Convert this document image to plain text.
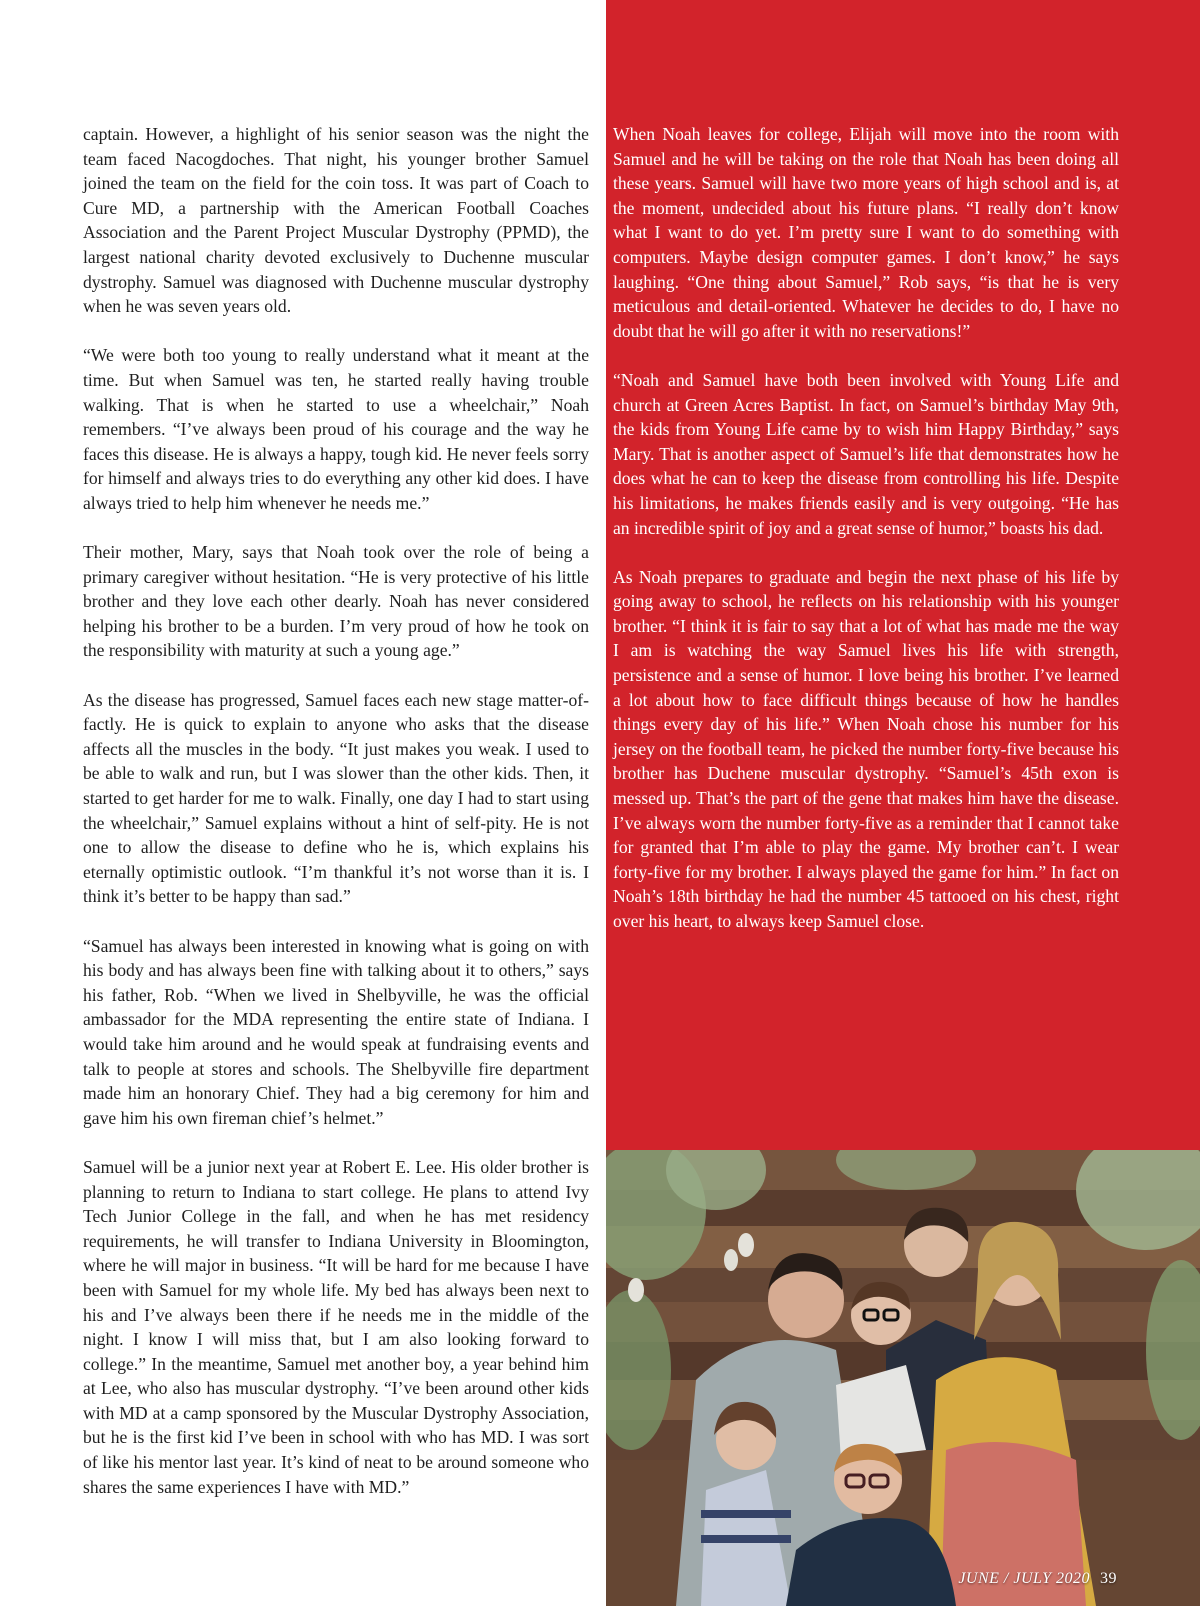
captain. However, a highlight of his senior season was the night the team faced Nacogdoches. That night, his younger brother Samuel joined the team on the field for the coin toss. It was part of Coach to Cure MD, a partnership with the American Football Coaches Association and the Parent Project Muscular Dystrophy (PPMD), the largest national charity devoted exclusively to Duchenne muscular dystrophy. Samuel was diagnosed with Duchenne muscular dystrophy when he was seven years old.

“We were both too young to really understand what it meant at the time. But when Samuel was ten, he started really having trouble walking. That is when he started to use a wheelchair,” Noah remembers. “I’ve always been proud of his courage and the way he faces this disease. He is always a happy, tough kid. He never feels sorry for himself and always tries to do everything any other kid does. I have always tried to help him whenever he needs me.”

Their mother, Mary, says that Noah took over the role of being a primary caregiver without hesitation. “He is very protective of his little brother and they love each other dearly. Noah has never considered helping his brother to be a burden. I’m very proud of how he took on the responsibility with maturity at such a young age.”

As the disease has progressed, Samuel faces each new stage matter-of-factly. He is quick to explain to anyone who asks that the disease affects all the muscles in the body. “It just makes you weak. I used to be able to walk and run, but I was slower than the other kids. Then, it started to get harder for me to walk. Finally, one day I had to start using the wheelchair,” Samuel explains without a hint of self-pity. He is not one to allow the disease to define who he is, which explains his eternally optimistic outlook. “I’m thankful it’s not worse than it is. I think it’s better to be happy than sad.”

“Samuel has always been interested in knowing what is going on with his body and has always been fine with talking about it to others,” says his father, Rob. “When we lived in Shelbyville, he was the official ambassador for the MDA representing the entire state of Indiana. I would take him around and he would speak at fundraising events and talk to people at stores and schools. The Shelbyville fire department made him an honorary Chief. They had a big ceremony for him and gave him his own fireman chief’s helmet.”

Samuel will be a junior next year at Robert E. Lee. His older brother is planning to return to Indiana to start college. He plans to attend Ivy Tech Junior College in the fall, and when he has met residency requirements, he will transfer to Indiana University in Bloomington, where he will major in business. “It will be hard for me because I have been with Samuel for my whole life. My bed has always been next to his and I’ve always been there if he needs me in the middle of the night. I know I will miss that, but I am also looking forward to college.” In the meantime, Samuel met another boy, a year behind him at Lee, who also has muscular dystrophy. “I’ve been around other kids with MD at a camp sponsored by the Muscular Dystrophy Association, but he is the first kid I’ve been in school with who has MD. I was sort of like his mentor last year. It’s kind of neat to be around someone who shares the same experiences I have with MD.”

When Noah leaves for college, Elijah will move into the room with Samuel and he will be taking on the role that Noah has been doing all these years. Samuel will have two more years of high school and is, at the moment, undecided about his future plans. “I really don’t know what I want to do yet. I’m pretty sure I want to do something with computers. Maybe design computer games. I don’t know,” he says laughing. “One thing about Samuel,” Rob says, “is that he is very meticulous and detail-oriented. Whatever he decides to do, I have no doubt that he will go after it with no reservations!”

“Noah and Samuel have both been involved with Young Life and church at Green Acres Baptist. In fact, on Samuel’s birthday May 9th, the kids from Young Life came by to wish him Happy Birthday,” says Mary. That is another aspect of Samuel’s life that demonstrates how he does what he can to keep the disease from controlling his life. Despite his limitations, he makes friends easily and is very outgoing. “He has an incredible spirit of joy and a great sense of humor,” boasts his dad.

As Noah prepares to graduate and begin the next phase of his life by going away to school, he reflects on his relationship with his younger brother. “I think it is fair to say that a lot of what has made me the way I am is watching the way Samuel lives his life with strength, persistence and a sense of humor. I love being his brother. I’ve learned a lot about how to face difficult things because of how he handles things every day of his life.” When Noah chose his number for his jersey on the football team, he picked the number forty-five because his brother has Duchene muscular dystrophy. “Samuel’s 45th exon is messed up. That’s the part of the gene that makes him have the disease. I’ve always worn the number forty-five as a reminder that I cannot take for granted that I’m able to play the game. My brother can’t. I wear forty-five for my brother. I always played the game for him.” In fact on Noah’s 18th birthday he had the number 45 tattooed on his chest, right over his heart, to always keep Samuel close.

JUNE / JULY 2020 39
